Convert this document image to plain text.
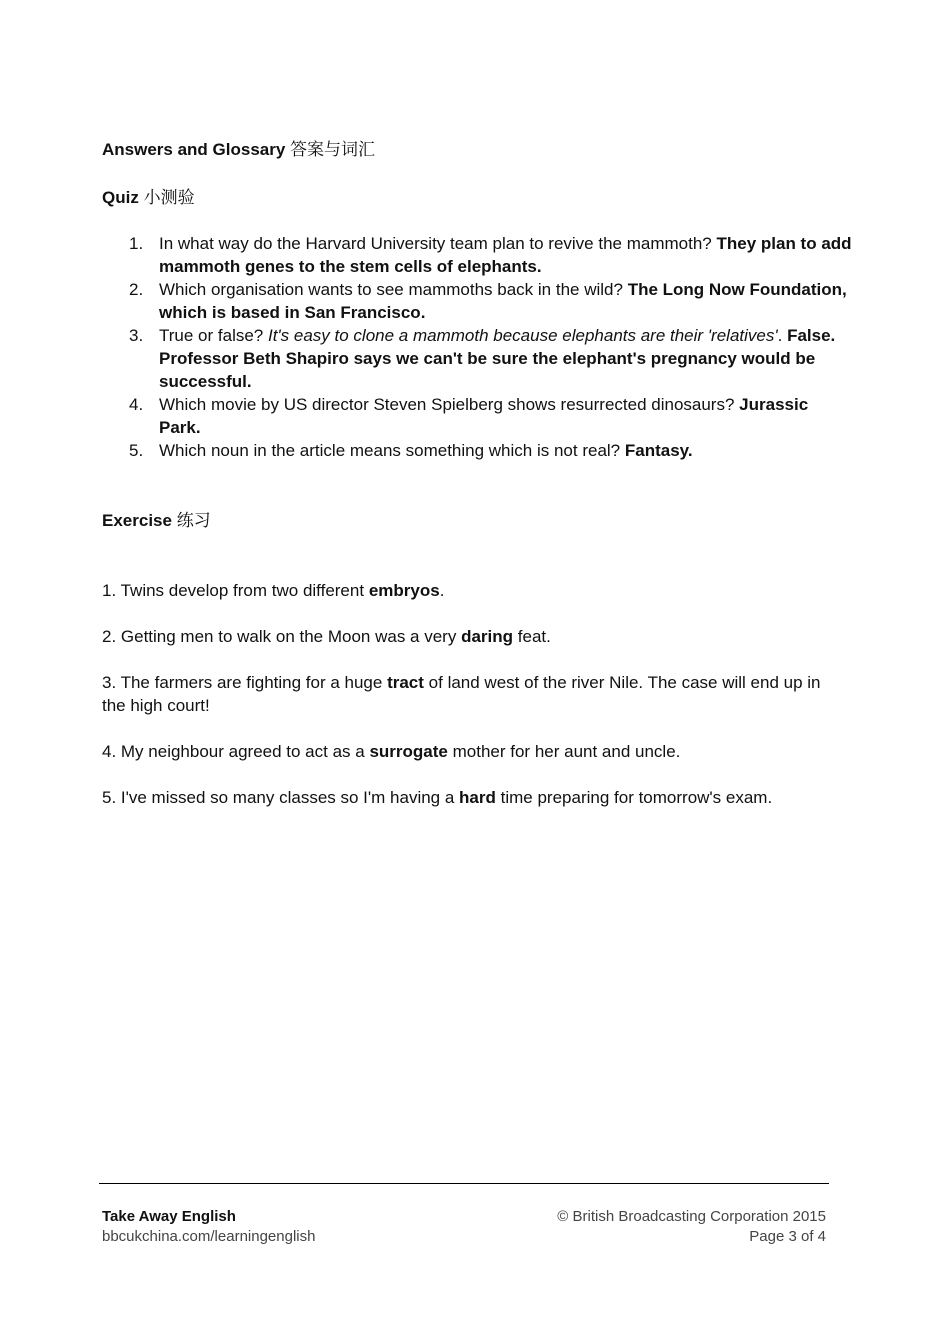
Answers and Glossary 答案与词汇
Quiz 小测验
1. In what way do the Harvard University team plan to revive the mammoth? They plan to add mammoth genes to the stem cells of elephants.
2. Which organisation wants to see mammoths back in the wild? The Long Now Foundation, which is based in San Francisco.
3. True or false? It's easy to clone a mammoth because elephants are their 'relatives'. False. Professor Beth Shapiro says we can't be sure the elephant's pregnancy would be successful.
4. Which movie by US director Steven Spielberg shows resurrected dinosaurs? Jurassic Park.
5. Which noun in the article means something which is not real? Fantasy.
Exercise 练习
1. Twins develop from two different embryos.
2. Getting men to walk on the Moon was a very daring feat.
3. The farmers are fighting for a huge tract of land west of the river Nile. The case will end up in the high court!
4. My neighbour agreed to act as a surrogate mother for her aunt and uncle.
5. I've missed so many classes so I'm having a hard time preparing for tomorrow's exam.
Take Away English
bbcukchina.com/learningenglish
© British Broadcasting Corporation 2015
Page 3 of 4
